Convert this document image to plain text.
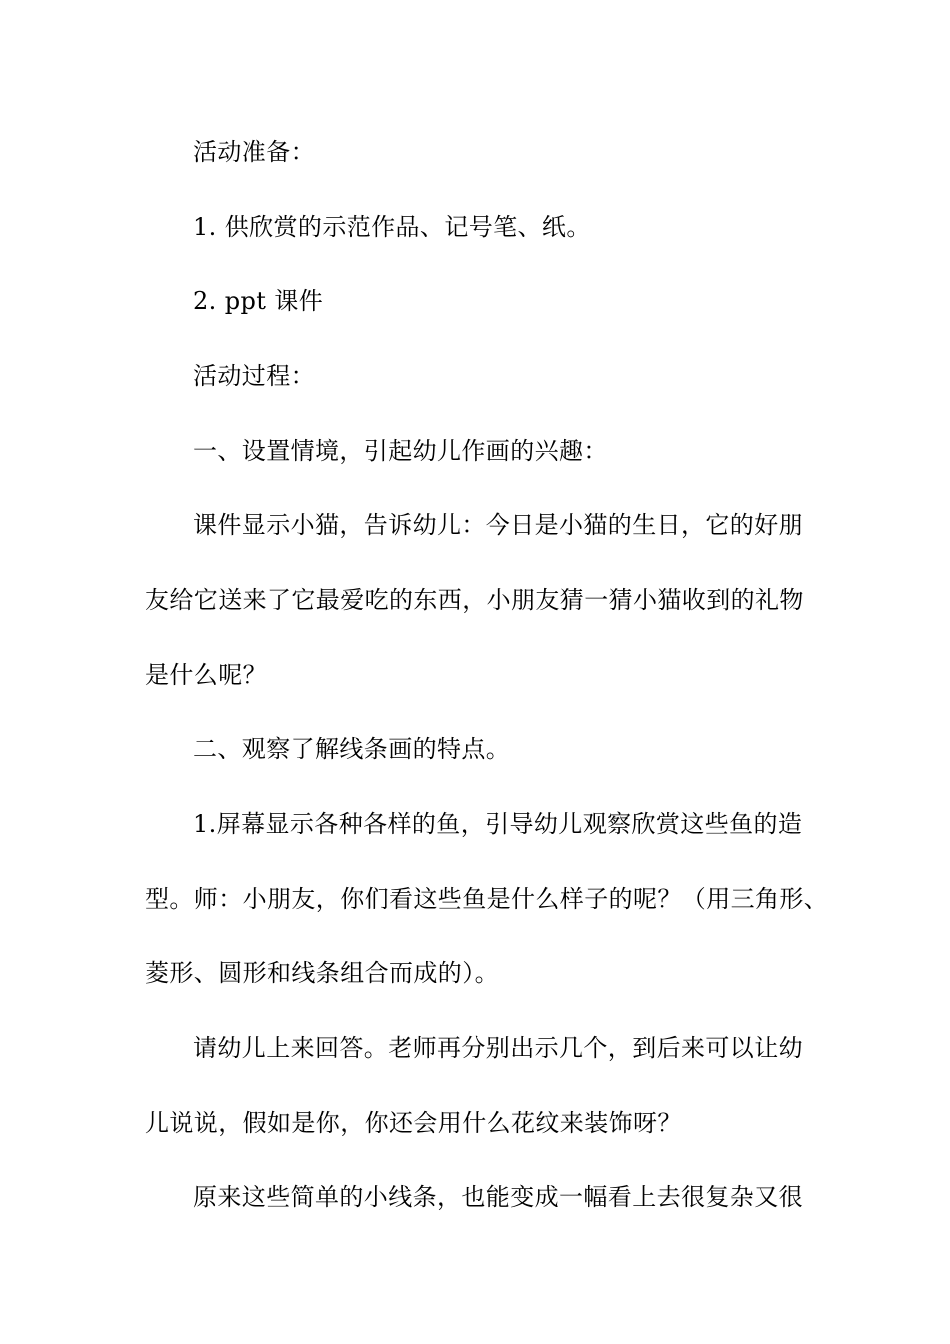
活动准备：
1. 供欣赏的示范作品、记号笔、纸。
2. ppt 课件
活动过程：
一、设置情境，引起幼儿作画的兴趣：
课件显示小猫，告诉幼儿：今日是小猫的生日，它的好朋
友给它送来了它最爱吃的东西，小朋友猜一猜小猫收到的礼物
是什么呢？
二、观察了解线条画的特点。
1.屏幕显示各种各样的鱼，引导幼儿观察欣赏这些鱼的造
型。师：小朋友，你们看这些鱼是什么样子的呢？（用三角形、
菱形、圆形和线条组合而成的）。
请幼儿上来回答。老师再分别出示几个，到后来可以让幼
儿说说，假如是你，你还会用什么花纹来装饰呀？
原来这些简单的小线条，也能变成一幅看上去很复杂又很
